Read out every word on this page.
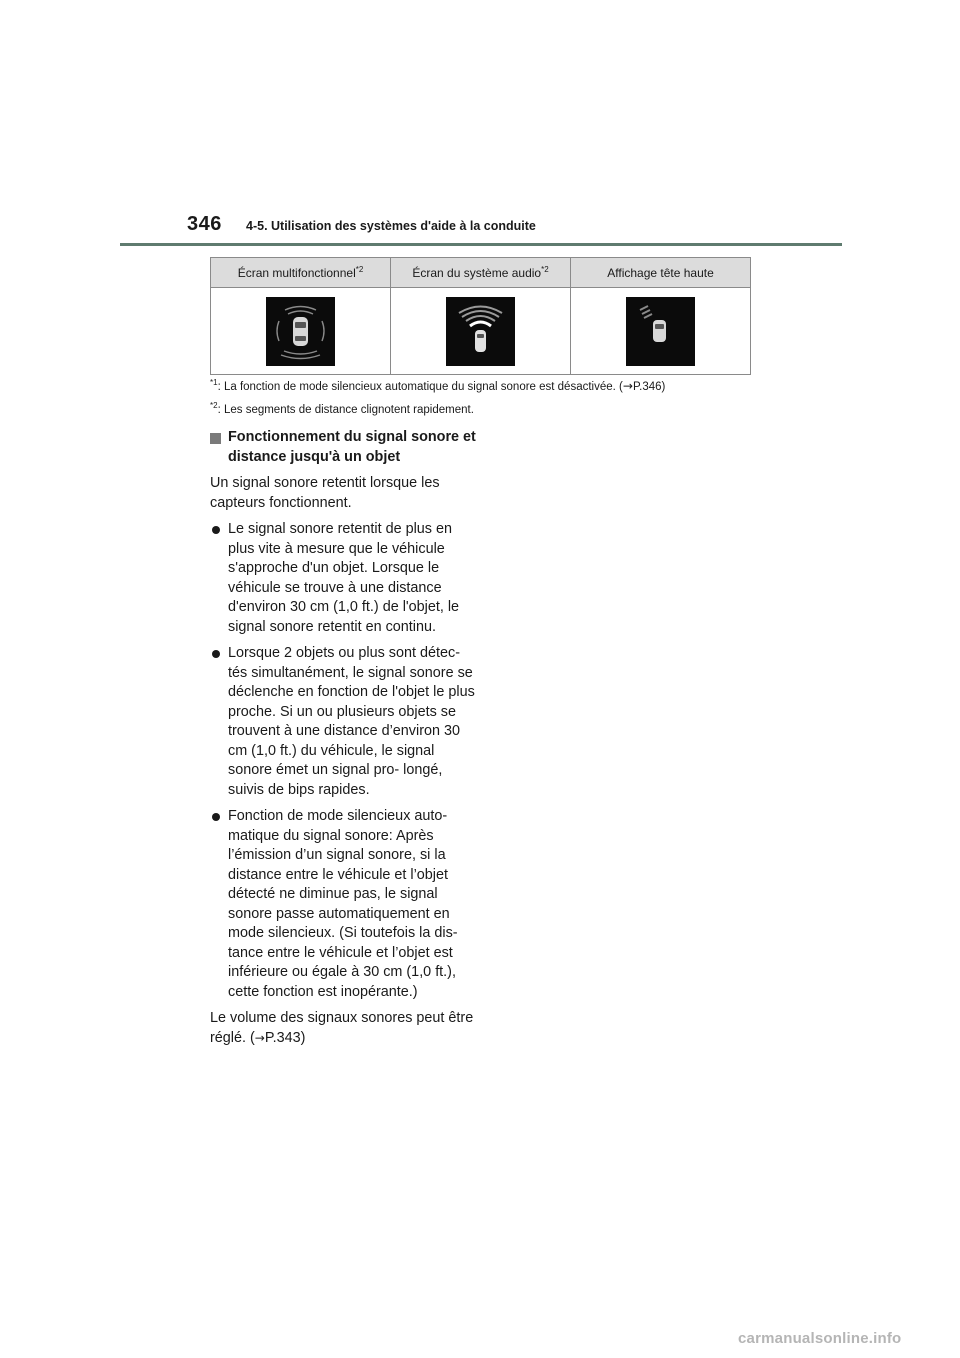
346 4-5. Utilisation des systèmes d'aide à la conduite
Écran multifonctionnel$^{*2}$	Écran du système audio$^{*2}$	Affichage tête haute

$^{*1}$: La fonction de mode silencieux automatique du signal sonore est désactivée. (→P.346)
$^{*2}$: Les segments de distance clignotent rapidement.

Fonctionnement du signal sonore et distance jusqu'à un objet

Un signal sonore retentit lorsque les capteurs fonctionnent.

Le signal sonore retentit de plus en plus vite à mesure que le véhicule s'approche d'un objet. Lorsque le véhicule se trouve à une distance d'environ 30 cm (1,0 ft.) de l'objet, le signal sonore retentit en continu.
Lorsque 2 objets ou plus sont détec- tés simultanément, le signal sonore se déclenche en fonction de l'objet le plus proche. Si un ou plusieurs objets se trouvent à une distance d’environ 30 cm (1,0 ft.) du véhicule, le signal sonore émet un signal pro- longé, suivis de bips rapides.
Fonction de mode silencieux auto- matique du signal sonore: Après l’émission d’un signal sonore, si la distance entre le véhicule et l’objet détecté ne diminue pas, le signal sonore passe automatiquement en mode silencieux. (Si toutefois la dis- tance entre le véhicule et l’objet est inférieure ou égale à 30 cm (1,0 ft.), cette fonction est inopérante.)

Le volume des signaux sonores peut être réglé. (→P.343)

carmanualsonline.info
